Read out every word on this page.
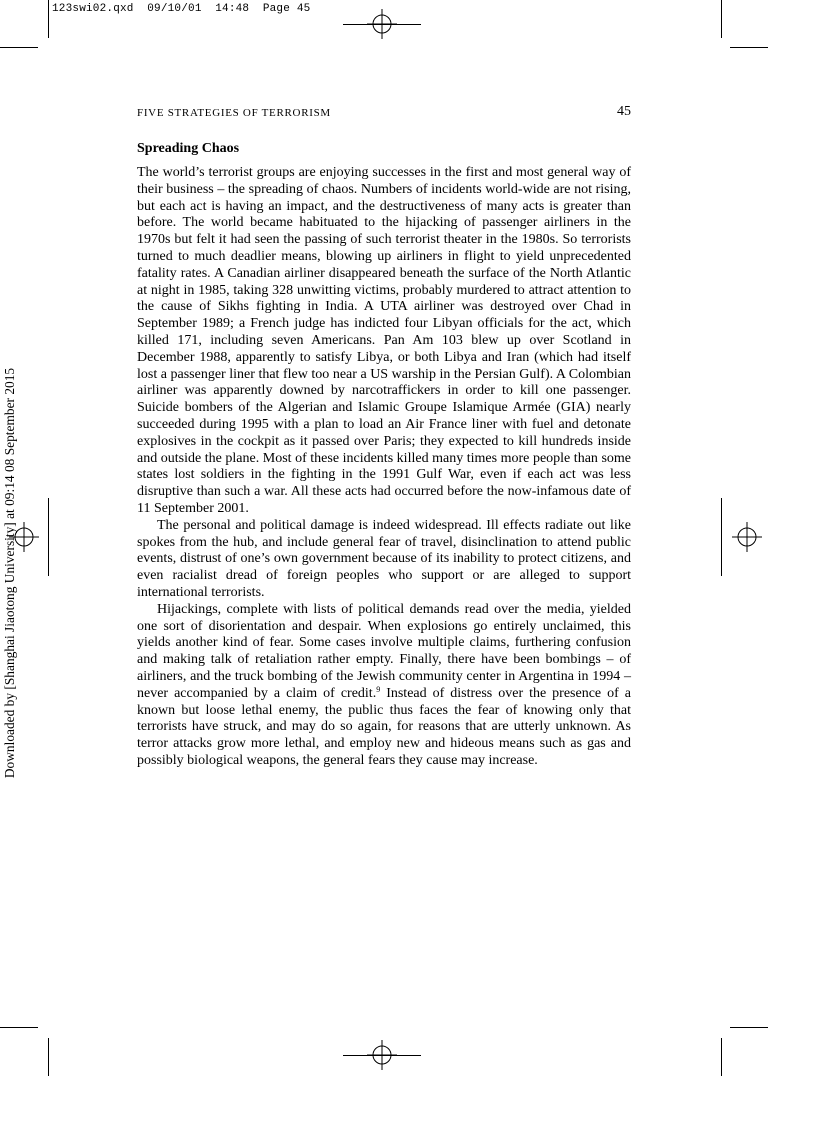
123swi02.qxd  09/10/01  14:48  Page 45
Downloaded by [Shanghai Jiaotong University] at 09:14 08 September 2015
FIVE STRATEGIES OF TERRORISM	45
Spreading Chaos

The world’s terrorist groups are enjoying successes in the first and most general way of their business – the spreading of chaos. Numbers of incidents world-wide are not rising, but each act is having an impact, and the destructiveness of many acts is greater than before. The world became habituated to the hijacking of passenger airliners in the 1970s but felt it had seen the passing of such terrorist theater in the 1980s. So terrorists turned to much deadlier means, blowing up airliners in flight to yield unprecedented fatality rates. A Canadian airliner disappeared beneath the surface of the North Atlantic at night in 1985, taking 328 unwitting victims, probably murdered to attract attention to the cause of Sikhs fighting in India. A UTA airliner was destroyed over Chad in September 1989; a French judge has indicted four Libyan officials for the act, which killed 171, including seven Americans. Pan Am 103 blew up over Scotland in December 1988, apparently to satisfy Libya, or both Libya and Iran (which had itself lost a passenger liner that flew too near a US warship in the Persian Gulf). A Colombian airliner was apparently downed by narcotraffickers in order to kill one passenger. Suicide bombers of the Algerian and Islamic Groupe Islamique Armée (GIA) nearly succeeded during 1995 with a plan to load an Air France liner with fuel and detonate explosives in the cockpit as it passed over Paris; they expected to kill hundreds inside and outside the plane. Most of these incidents killed many times more people than some states lost soldiers in the fighting in the 1991 Gulf War, even if each act was less disruptive than such a war. All these acts had occurred before the now-infamous date of 11 September 2001.

The personal and political damage is indeed widespread. Ill effects radiate out like spokes from the hub, and include general fear of travel, disinclination to attend public events, distrust of one’s own government because of its inability to protect citizens, and even racialist dread of foreign peoples who support or are alleged to support international terrorists.

Hijackings, complete with lists of political demands read over the media, yielded one sort of disorientation and despair. When explosions go entirely unclaimed, this yields another kind of fear. Some cases involve multiple claims, furthering confusion and making talk of retaliation rather empty. Finally, there have been bombings – of airliners, and the truck bombing of the Jewish community center in Argentina in 1994 – never accompanied by a claim of credit.$^9$ Instead of distress over the presence of a known but loose lethal enemy, the public thus faces the fear of knowing only that terrorists have struck, and may do so again, for reasons that are utterly unknown. As terror attacks grow more lethal, and employ new and hideous means such as gas and possibly biological weapons, the general fears they cause may increase.
